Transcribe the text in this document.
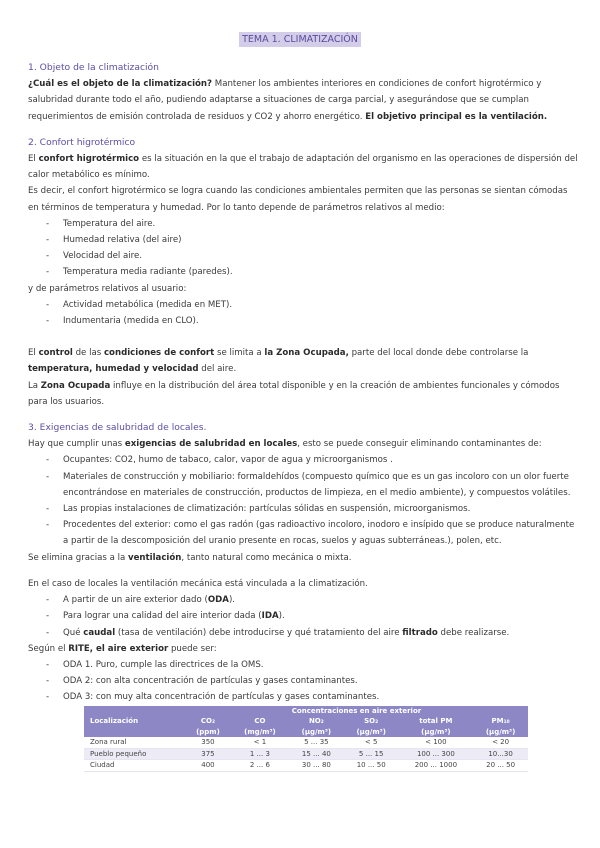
TEMA 1. CLIMATIZACIÓN

1. Objeto de la climatización

¿Cuál es el objeto de la climatización? Mantener los ambientes interiores en condiciones de confort higrotérmico y salubridad durante todo el año, pudiendo adaptarse a situaciones de carga parcial, y asegurándose que se cumplan requerimientos de emisión controlada de residuos y CO2 y ahorro energético. El objetivo principal es la ventilación.

2. Confort higrotérmico

El confort higrotérmico es la situación en la que el trabajo de adaptación del organismo en las operaciones de dispersión del calor metabólico es mínimo.

Es decir, el confort higrotérmico se logra cuando las condiciones ambientales permiten que las personas se sientan cómodas en términos de temperatura y humedad. Por lo tanto depende de parámetros relativos al medio:

- Temperatura del aire.
- Humedad relativa (del aire)
- Velocidad del aire.
- Temperatura media radiante (paredes).

y de parámetros relativos al usuario:

- Actividad metabólica (medida en MET).
- Indumentaria (medida en CLO).

El control de las condiciones de confort se limita a la Zona Ocupada, parte del local donde debe controlarse la temperatura, humedad y velocidad del aire.

La Zona Ocupada influye en la distribución del área total disponible y en la creación de ambientes funcionales y cómodos para los usuarios.

3. Exigencias de salubridad de locales.

Hay que cumplir unas exigencias de salubridad en locales, esto se puede conseguir eliminando contaminantes de:

- Ocupantes: CO2, humo de tabaco, calor, vapor de agua y microorganismos .
- Materiales de construcción y mobiliario: formaldehídos (compuesto químico que es un gas incoloro con un olor fuerte encontrándose en materiales de construcción, productos de limpieza, en el medio ambiente), y compuestos volátiles.
- Las propias instalaciones de climatización: partículas sólidas en suspensión, microorganismos.
- Procedentes del exterior: como el gas radón (gas radioactivo incoloro, inodoro e insípido que se produce naturalmente a partir de la descomposición del uranio presente en rocas, suelos y aguas subterráneas.), polen, etc.

Se elimina gracias a la ventilación, tanto natural como mecánica o mixta.

En el caso de locales la ventilación mecánica está vinculada a la climatización.

- A partir de un aire exterior dado (ODA).
- Para lograr una calidad del aire interior dada (IDA).
- Qué caudal (tasa de ventilación) debe introducirse y qué tratamiento del aire filtrado debe realizarse.

Según el RITE, el aire exterior puede ser:

- ODA 1. Puro, cumple las directrices de la OMS.
- ODA 2: con alta concentración de partículas y gases contaminantes.
- ODA 3: con muy alta concentración de partículas y gases contaminantes.
Localización	Concentraciones en aire exterior					
	CO₂	CO	NO₂	SO₂	total PM	PM₁₀
	(ppm)	(mg/m³)	(µg/m³)	(µg/m³)	(µg/m³)	(µg/m³)
Zona rural	350	< 1	5 ... 35	< 5	< 100	< 20
Pueblo pequeño	375	1 ... 3	15 ... 40	5 ... 15	100 ... 300	10...30
Ciudad	400	2 ... 6	30 ... 80	10 ... 50	200 ... 1000	20 ... 50
